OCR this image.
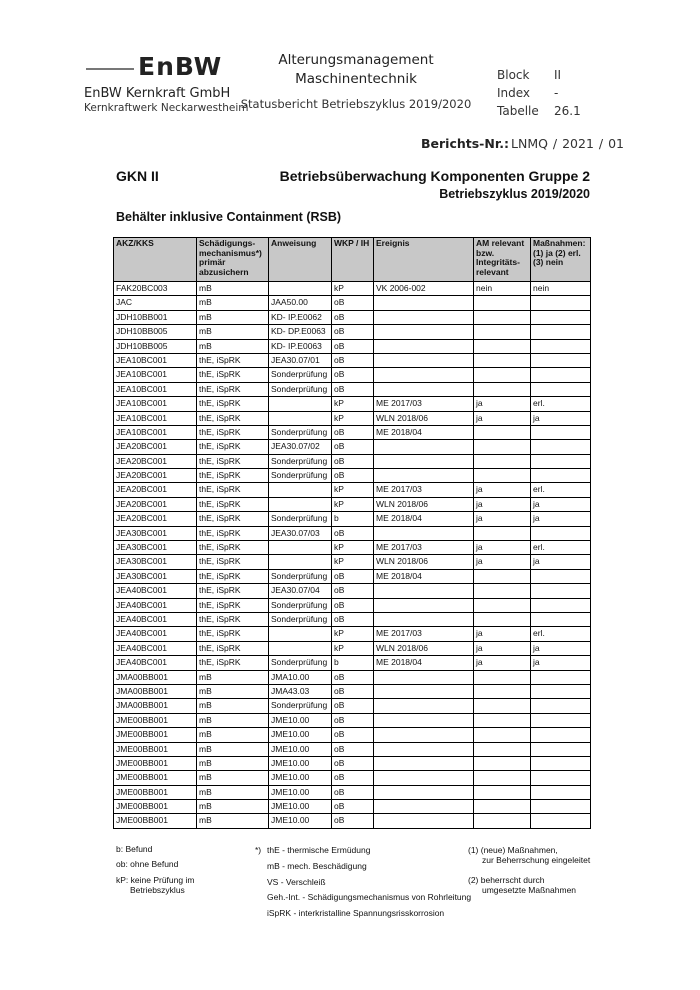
EnBW
EnBW Kernkraft GmbH
Kernkraftwerk Neckarwestheim
Alterungsmanagement
Maschinentechnik
Statusbericht Betriebszyklus 2019/2020
Block II
Index -
Tabelle 26.1
Berichts-Nr.: LNMQ / 2021 / 01
GKN II	Betriebsüberwachung Komponenten Gruppe 2
Betriebszyklus 2019/2020
Behälter inklusive Containment (RSB)
AKZ/KKS	Schädigungs-mechanismus*) primär abzusichern	Anweisung	WKP / IH	Ereignis	AM relevant bzw. Integritäts-relevant	Maßnahmen: (1) ja (2) erl. (3) nein
FAK20BC003	mB		kP	VK 2006-002	nein	nein
JAC	mB	JAA50.00	oB			
JDH10BB001	mB	KD- IP.E0062	oB			
JDH10BB005	mB	KD- DP.E0063	oB			
JDH10BB005	mB	KD- IP.E0063	oB			
JEA10BC001	thE, iSpRK	JEA30.07/01	oB			
JEA10BC001	thE, iSpRK	Sonderprüfung	oB			
JEA10BC001	thE, iSpRK	Sonderprüfung	oB			
JEA10BC001	thE, iSpRK		kP	ME 2017/03	ja	erl.
JEA10BC001	thE, iSpRK		kP	WLN 2018/06	ja	ja
JEA10BC001	thE, iSpRK	Sonderprüfung	oB	ME 2018/04		
JEA20BC001	thE, iSpRK	JEA30.07/02	oB			
JEA20BC001	thE, iSpRK	Sonderprüfung	oB			
JEA20BC001	thE, iSpRK	Sonderprüfung	oB			
JEA20BC001	thE, iSpRK		kP	ME 2017/03	ja	erl.
JEA20BC001	thE, iSpRK		kP	WLN 2018/06	ja	ja
JEA20BC001	thE, iSpRK	Sonderprüfung	b	ME 2018/04	ja	ja
JEA30BC001	thE, iSpRK	JEA30.07/03	oB			
JEA30BC001	thE, iSpRK		kP	ME 2017/03	ja	erl.
JEA30BC001	thE, iSpRK		kP	WLN 2018/06	ja	ja
JEA30BC001	thE, iSpRK	Sonderprüfung	oB	ME 2018/04		
JEA40BC001	thE, iSpRK	JEA30.07/04	oB			
JEA40BC001	thE, iSpRK	Sonderprüfung	oB			
JEA40BC001	thE, iSpRK	Sonderprüfung	oB			
JEA40BC001	thE, iSpRK		kP	ME 2017/03	ja	erl.
JEA40BC001	thE, iSpRK		kP	WLN 2018/06	ja	ja
JEA40BC001	thE, iSpRK	Sonderprüfung	b	ME 2018/04	ja	ja
JMA00BB001	mB	JMA10.00	oB			
JMA00BB001	mB	JMA43.03	oB			
JMA00BB001	mB	Sonderprüfung	oB			
JME00BB001	mB	JME10.00	oB			
JME00BB001	mB	JME10.00	oB			
JME00BB001	mB	JME10.00	oB			
JME00BB001	mB	JME10.00	oB			
JME00BB001	mB	JME10.00	oB			
JME00BB001	mB	JME10.00	oB			
JME00BB001	mB	JME10.00	oB			
JME00BB001	mB	JME10.00	oB			
b: Befund
ob: ohne Befund
kP: keine Prüfung im
Betriebszyklus
*) thE - thermische Ermüdung
mB - mech. Beschädigung
VS - Verschleiß
Geh.-Int. - Schädigungsmechanismus von Rohrleitung
iSpRK - interkristalline Spannungsrisskorrosion
(1) (neue) Maßnahmen,
zur Beherrschung eingeleitet
(2) beherrscht durch
umgesetzte Maßnahmen
